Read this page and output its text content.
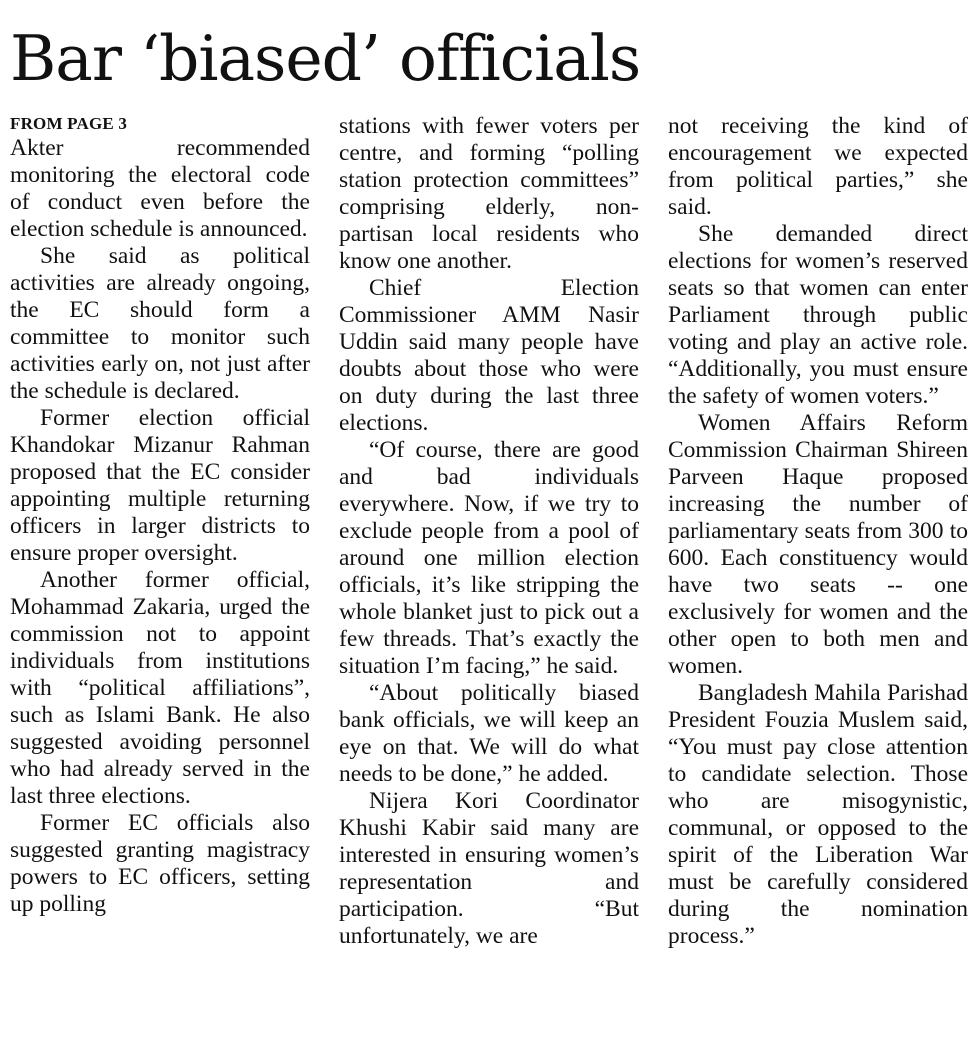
Bar ‘biased’ officials

FROM PAGE 3

Akter recommended monitoring the electoral code of conduct even before the election schedule is announced.

She said as political activities are already ongoing, the EC should form a committee to monitor such activities early on, not just after the schedule is declared.

Former election official Khandokar Mizanur Rahman proposed that the EC consider appointing multiple returning officers in larger districts to ensure proper oversight.

Another former official, Mohammad Zakaria, urged the commission not to appoint individuals from institutions with “political affiliations”, such as Islami Bank. He also suggested avoiding personnel who had already served in the last three elections.

Former EC officials also suggested granting magistracy powers to EC officers, setting up polling

stations with fewer voters per centre, and forming “polling station protection committees” comprising elderly, non-partisan local residents who know one another.

Chief Election Commissioner AMM Nasir Uddin said many people have doubts about those who were on duty during the last three elections.

“Of course, there are good and bad individuals everywhere. Now, if we try to exclude people from a pool of around one million election officials, it’s like stripping the whole blanket just to pick out a few threads. That’s exactly the situation I’m facing,” he said.

“About politically biased bank officials, we will keep an eye on that. We will do what needs to be done,” he added.

Nijera Kori Coordinator Khushi Kabir said many are interested in ensuring women’s representation and participation. “But unfortunately, we are

not receiving the kind of encouragement we expected from political parties,” she said.

She demanded direct elections for women’s reserved seats so that women can enter Parliament through public voting and play an active role. “Additionally, you must ensure the safety of women voters.”

Women Affairs Reform Commission Chairman Shireen Parveen Haque proposed increasing the number of parliamentary seats from 300 to 600. Each constituency would have two seats -- one exclusively for women and the other open to both men and women.

Bangladesh Mahila Parishad President Fouzia Muslem said, “You must pay close attention to candidate selection. Those who are misogynistic, communal, or opposed to the spirit of the Liberation War must be carefully considered during the nomination process.”
